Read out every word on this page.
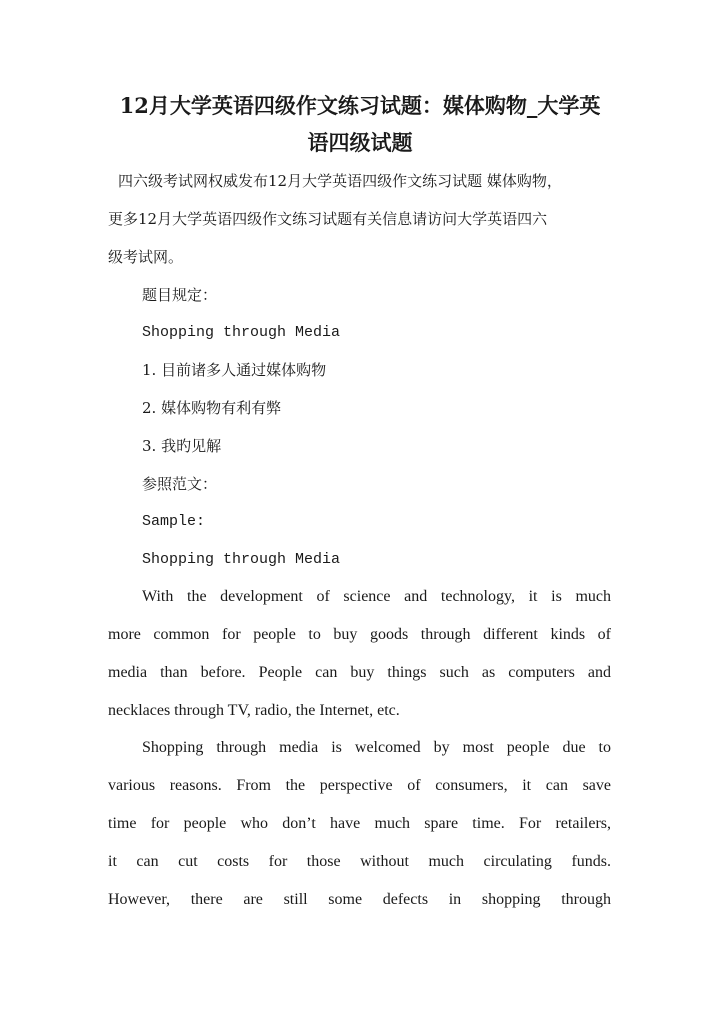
12月大学英语四级作文练习试题：媒体购物_大学英
语四级试题
四六级考试网权威发布12月大学英语四级作文练习试题 媒体购物，
更多12月大学英语四级作文练习试题有关信息请访问大学英语四六
级考试网。
题目规定：
Shopping through Media
1. 目前诸多人通过媒体购物
2. 媒体购物有利有弊
3. 我旳见解
参照范文：
Sample:
Shopping through Media
With the development of science and technology, it is much
more common for people to buy goods through different kinds of
media than before. People can buy things such as computers and
necklaces through TV, radio, the Internet, etc.
Shopping through media is welcomed by most people due to
various reasons. From the perspective of consumers, it can save
time for people who don’t have much spare time. For retailers,
it can cut costs for those without much circulating funds.
However, there are still some defects in shopping through
